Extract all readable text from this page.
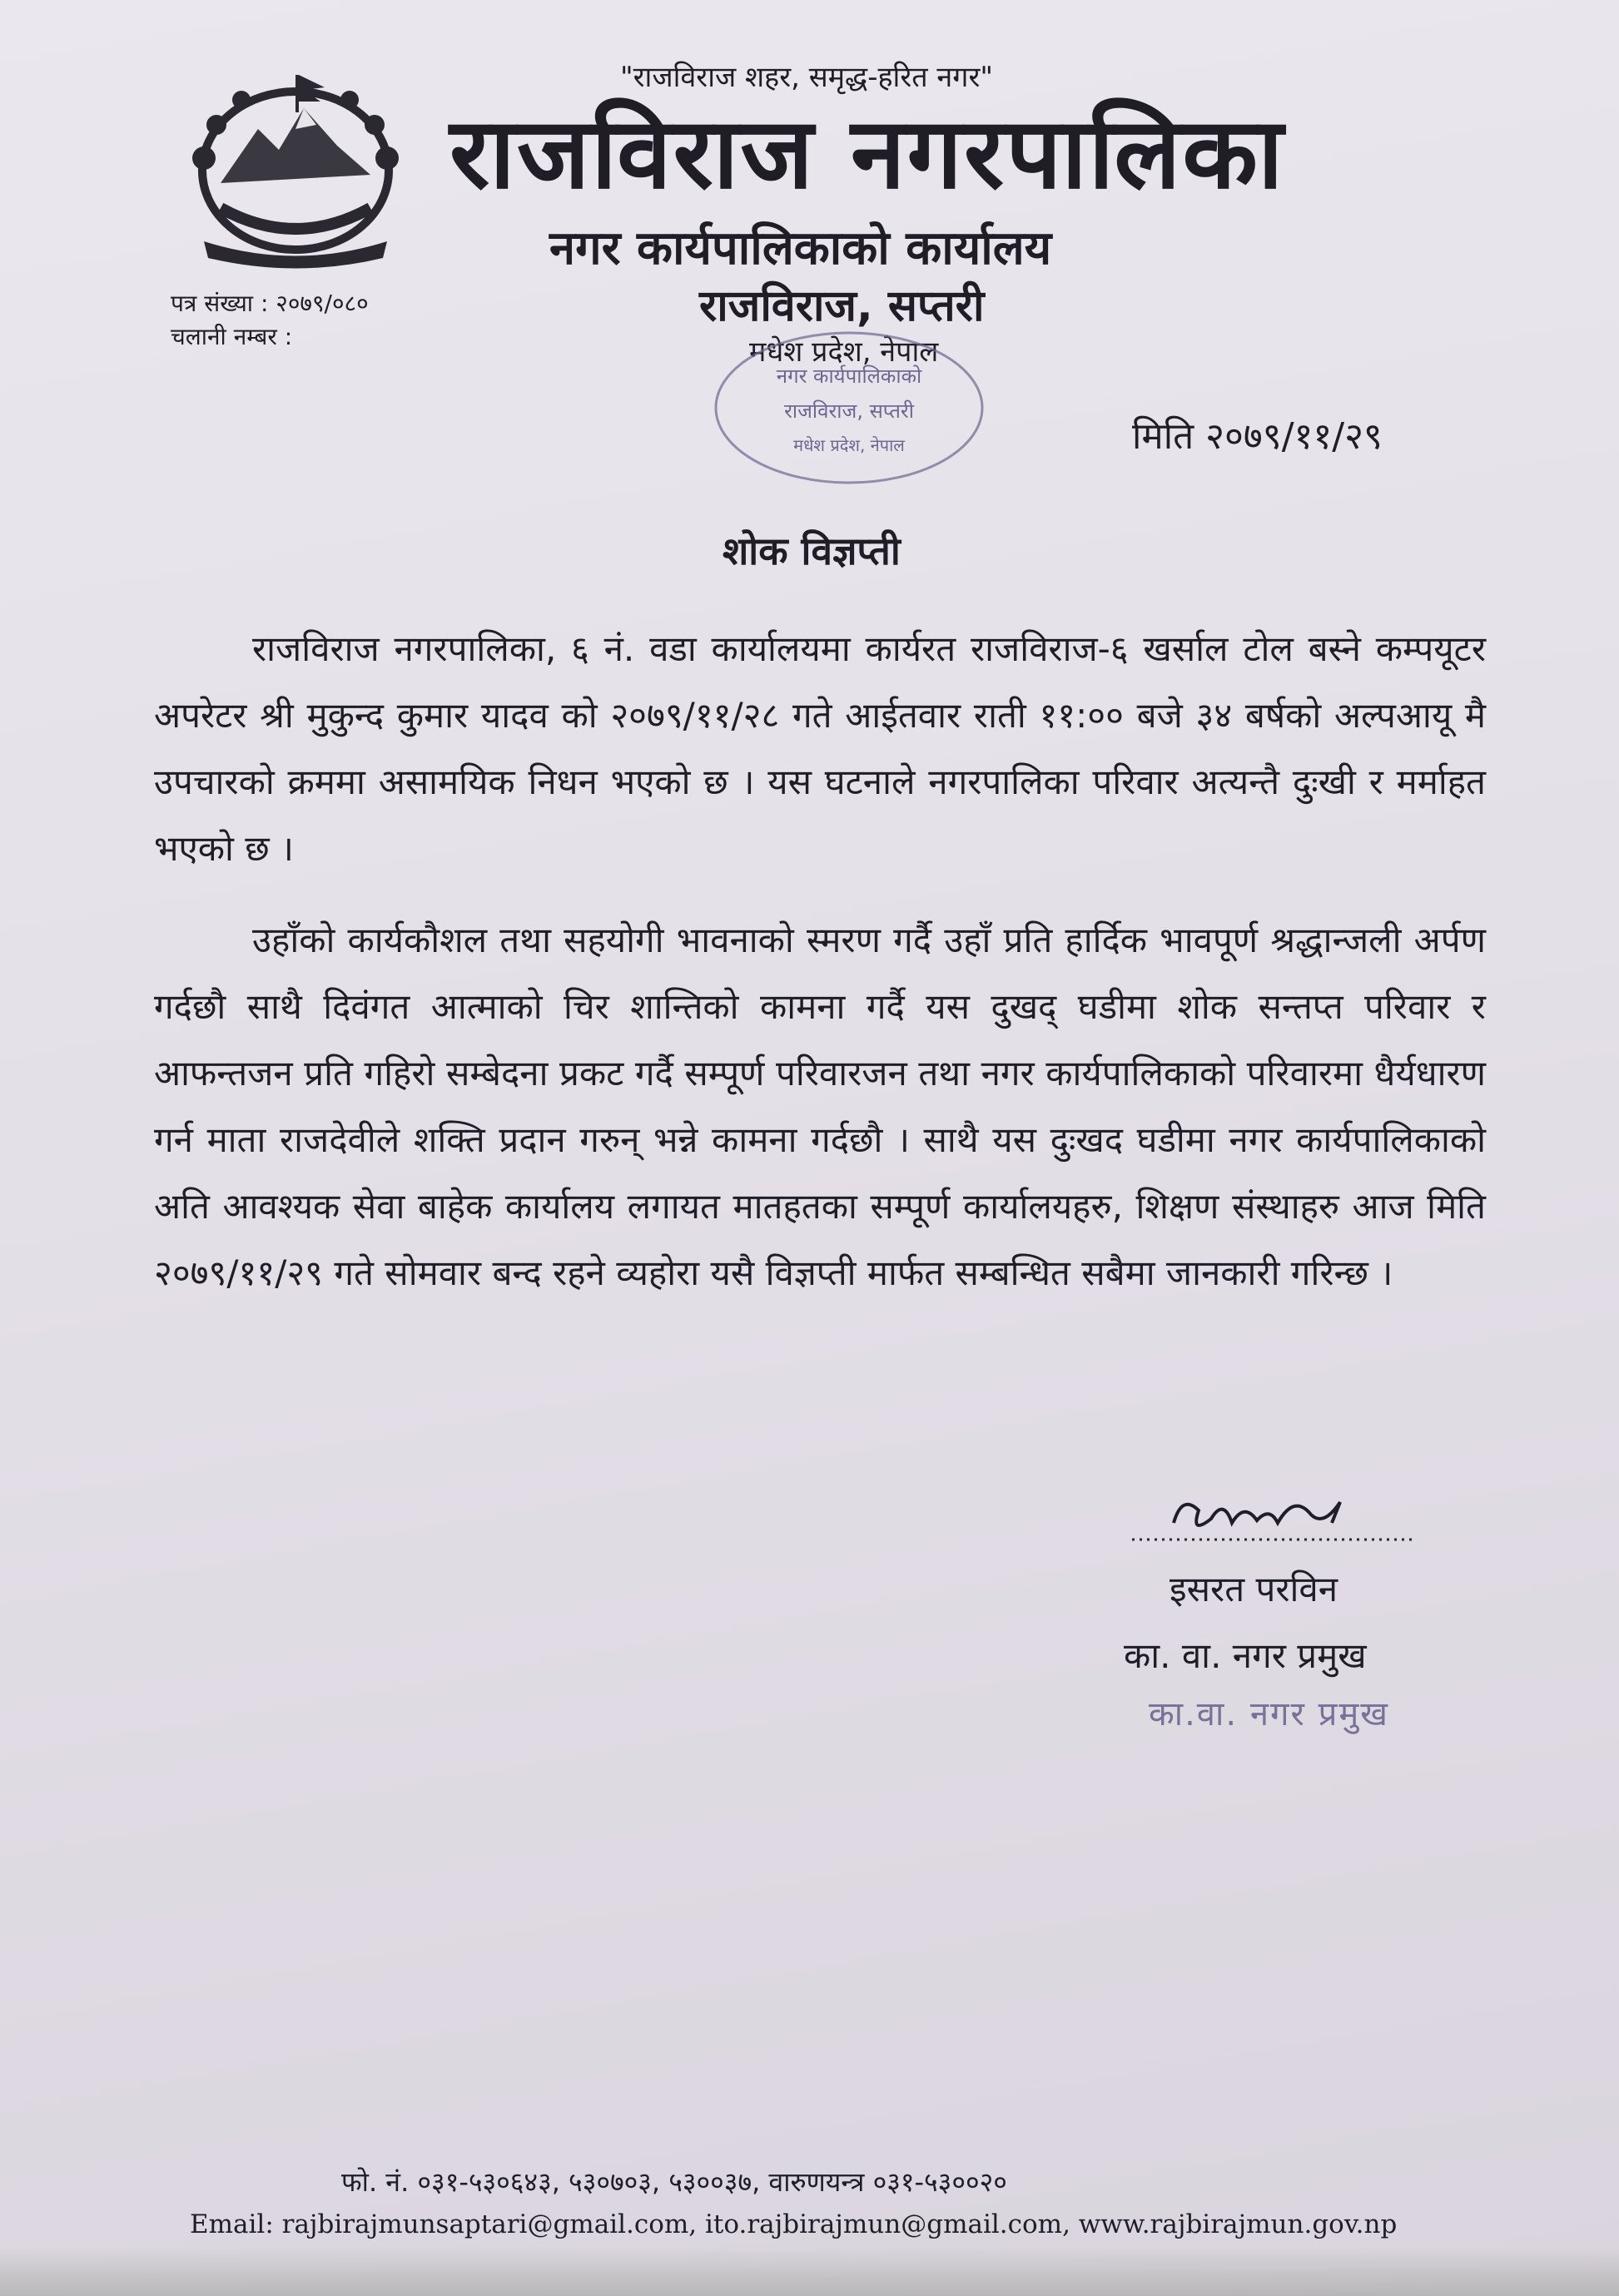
"राजविराज शहर, समृद्ध-हरित नगर"
राजविराज नगरपालिका
नगर कार्यपालिकाको कार्यालय
राजविराज, सप्तरी
मधेश प्रदेश, नेपाल
पत्र संख्या : २०७९/०८०
चलानी नम्बर :
नगर कार्यपालिकाको
राजविराज, सप्तरी
मधेश प्रदेश, नेपाल	मिति २०७९/११/२९
शोक विज्ञप्ती
राजविराज नगरपालिका, ६ नं. वडा कार्यालयमा कार्यरत राजविराज-६ खर्साल टोल बस्ने कम्पयूटर अपरेटर श्री मुकुन्द कुमार यादव को २०७९/११/२८ गते आईतवार राती ११:०० बजे ३४ बर्षको अल्पआयू मै उपचारको क्रममा असामयिक निधन भएको छ । यस घटनाले नगरपालिका परिवार अत्यन्तै दुःखी र मर्माहत भएको छ ।
उहाँको कार्यकौशल तथा सहयोगी भावनाको स्मरण गर्दै उहाँ प्रति हार्दिक भावपूर्ण श्रद्धान्जली अर्पण गर्दछौ साथै दिवंगत आत्माको चिर शान्तिको कामना गर्दै यस दुखद् घडीमा शोक सन्तप्त परिवार र आफन्तजन प्रति गहिरो सम्बेदना प्रकट गर्दै सम्पूर्ण परिवारजन तथा नगर कार्यपालिकाको परिवारमा धैर्यधारण गर्न माता राजदेवीले शक्ति प्रदान गरुन् भन्ने कामना गर्दछौ । साथै यस दुःखद घडीमा नगर कार्यपालिकाको अति आवश्यक सेवा बाहेक कार्यालय लगायत मातहतका सम्पूर्ण कार्यालयहरु, शिक्षण संस्थाहरु आज मिति २०७९/११/२९ गते सोमवार बन्द रहने व्यहोरा यसै विज्ञप्ती मार्फत सम्बन्धित सबैमा जानकारी गरिन्छ ।
इसरत परविन
का. वा. नगर प्रमुख
का.वा. नगर प्रमुख
फो. नं. ०३१-५३०६४३, ५३०७०३, ५३००३७, वारुणयन्त्र ०३१-५३००२०
Email: rajbirajmunsaptari@gmail.com, ito.rajbirajmun@gmail.com, www.rajbirajmun.gov.np
